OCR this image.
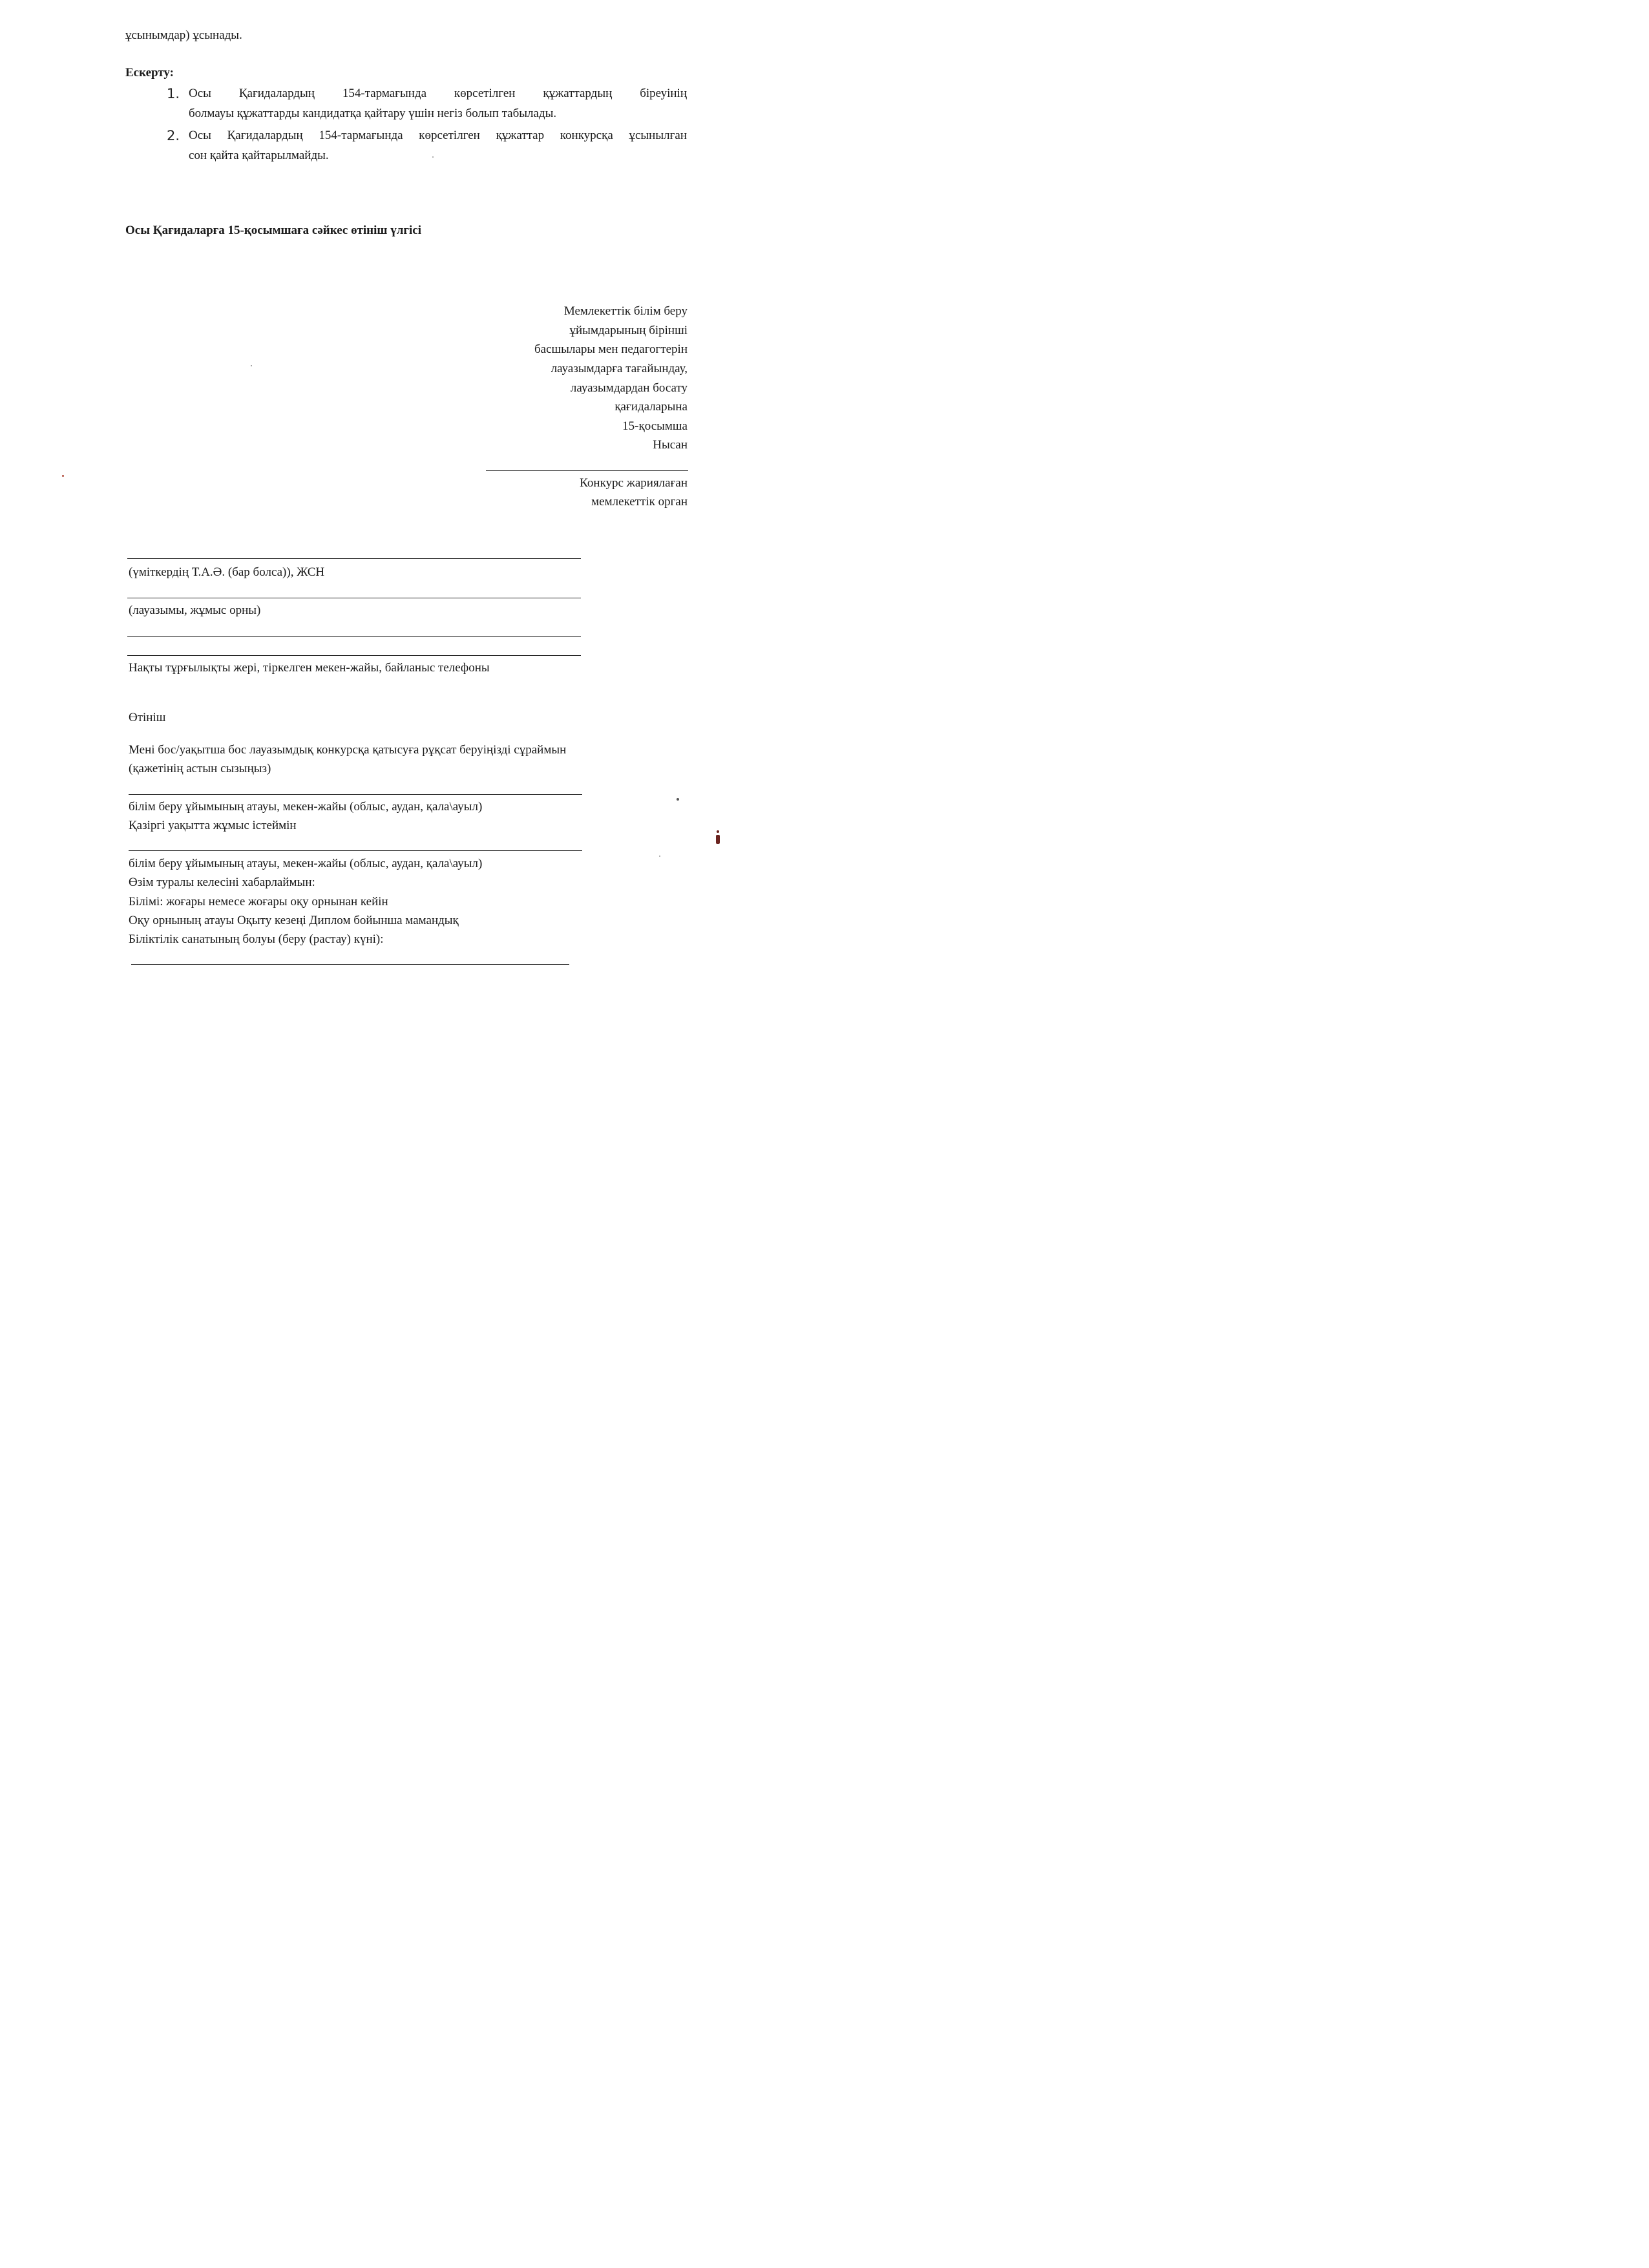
ұсынымдар) ұсынады.
Ескерту:
1. Осы Қағидалардың 154-тармағында көрсетілген құжаттардың біреуінің
болмауы құжаттарды кандидатқа қайтару үшін негіз болып табылады.
2. Осы Қағидалардың 154-тармағында көрсетілген құжаттар конкурсқа ұсынылған
сон қайта қайтарылмайды.
Осы Қағидаларға 15-қосымшаға сәйкес өтініш үлгісі
Мемлекеттік білім беру
ұйымдарының бірінші
басшылары мен педагогтерін
лауазымдарға тағайындау,
лауазымдардан босату
қағидаларына
15-қосымша
Нысан
Конкурс жариялаған
мемлекеттік орган
(үміткердің Т.А.Ә. (бар болса)), ЖСН
(лауазымы, жұмыс орны)
Нақты тұрғылықты жері, тіркелген мекен-жайы, байланыс телефоны
Өтініш
Мені бос/уақытша бос лауазымдық конкурсқа қатысуға рұқсат беруіңізді сұраймын
(қажетінің астын сызыңыз)
білім беру ұйымының атауы, мекен-жайы (облыс, аудан, қала\ауыл)
Қазіргі уақытта жұмыс істеймін
білім беру ұйымының атауы, мекен-жайы (облыс, аудан, қала\ауыл)
Өзім туралы келесіні хабарлаймын:
Білімі: жоғары немесе жоғары оқу орнынан кейін
Оқу орнының атауы Оқыту кезеңі Диплом бойынша мамандық
Біліктілік санатының болуы (беру (растау) күні):
